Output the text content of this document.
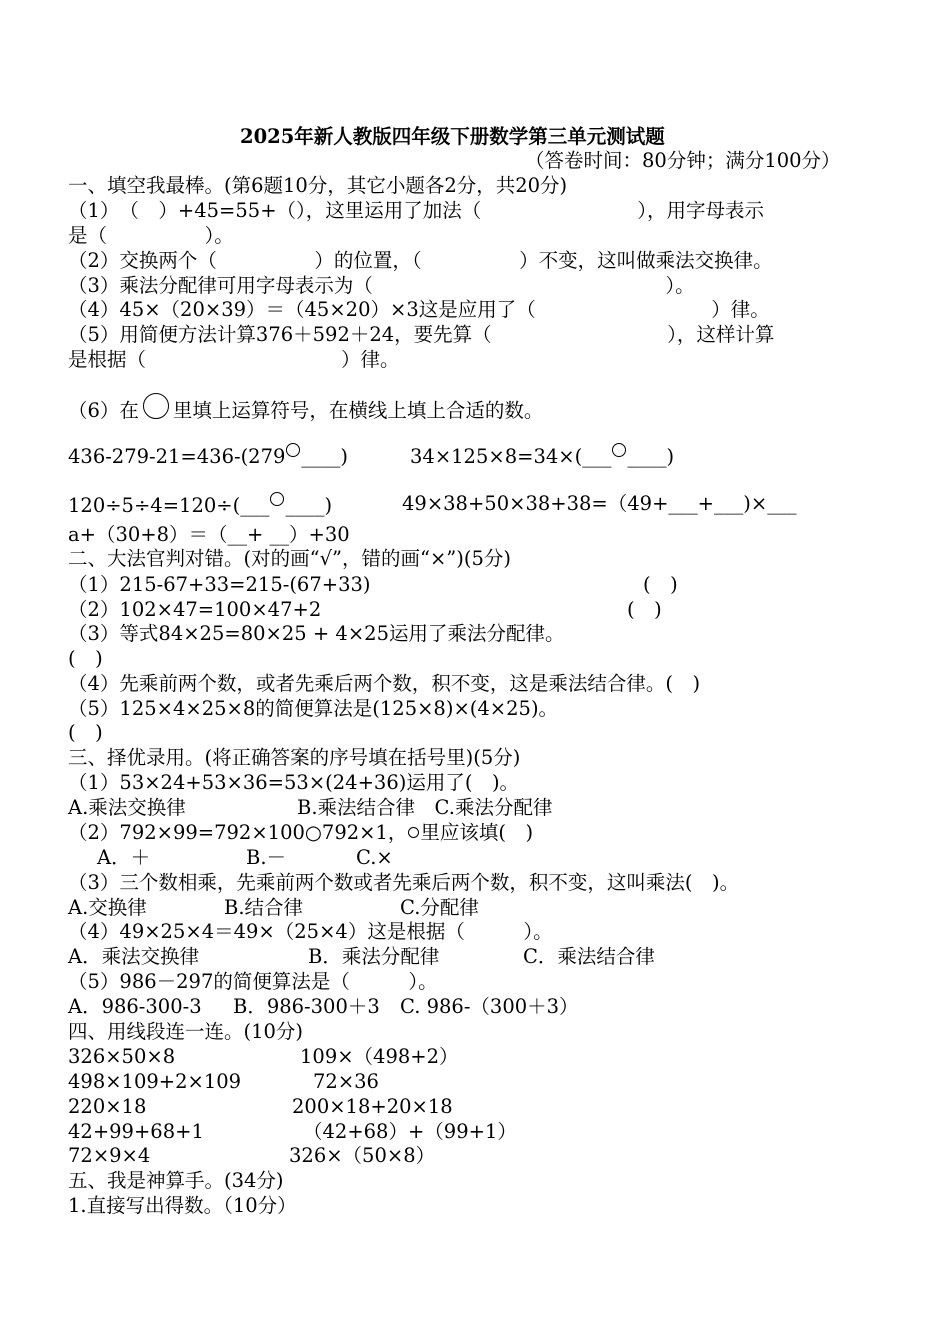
2025年新人教版四年级下册数学第三单元测试题
（答卷时间：80分钟；满分100分）
一、填空我最棒。(第6题10分，其它小题各2分，共20分)
（1）　（　）+45=55+（），这里运用了加法（　　　　　　　　），用字母表示
是（　　　　　）。
（2）交换两个（　　　　　）的位置，（　　　　　）不变，这叫做乘法交换律。
（3）乘法分配律可用字母表示为（　　　　　　　　　　　　　　　）。
（4）45×（20×39）＝（45×20）×3这是应用了（　　　　　　　　　）律。
（5）用简便方法计算376＋592＋24，要先算（　　　　　　　　　），这样计算
是根据（　　　　　　　　　　）律。
（6）在 里填上运算符号，在横线上填上合适的数。
436-279-21=436-(279 ____)	34×125×8=34×(___ ____)
120÷5÷4=120÷(___ ____)	49×38+50×38+38=（49+___+___)×___
a+（30+8）＝（__+ __）+30
二、大法官判对错。(对的画“√”，错的画“×”)(5分)
（1）215-67+33=215-(67+33)	(　)
（2）102×47=100×47+2	(　)
（3）等式84×25=80×25 + 4×25运用了乘法分配律。
(　)
（4）先乘前两个数，或者先乘后两个数，积不变，这是乘法结合律。(　)
（5）125×4×25×8的简便算法是(125×8)×(4×25)。
(　)
三、择优录用。(将正确答案的序号填在括号里)(5分)
（1）53×24+53×36=53×(24+36)运用了(　)。
A.乘法交换律	B.乘法结合律　C.乘法分配律
（2）792×99=792×100○792×1， 里应该填(　)
A．＋	B.－	C.×
（3）三个数相乘，先乘前两个数或者先乘后两个数，积不变，这叫乘法(　)。
A.交换律	B.结合律	C.分配律
（4）49×25×4＝49×（25×4）这是根据（　　　）。
A．乘法交换律	B．乘法分配律	C．乘法结合律
（5）986－297的简便算法是（　　　）。
A．986-300-3 B．986-300＋3 C. 986-（300＋3）
四、用线段连一连。(10分)
326×50×8	109×（498+2）
498×109+2×109	72×36
220×18	200×18+20×18
42+99+68+1	（42+68）+（99+1）
72×9×4	326×（50×8）
五、我是神算手。(34分)
1.直接写出得数。（10分）
